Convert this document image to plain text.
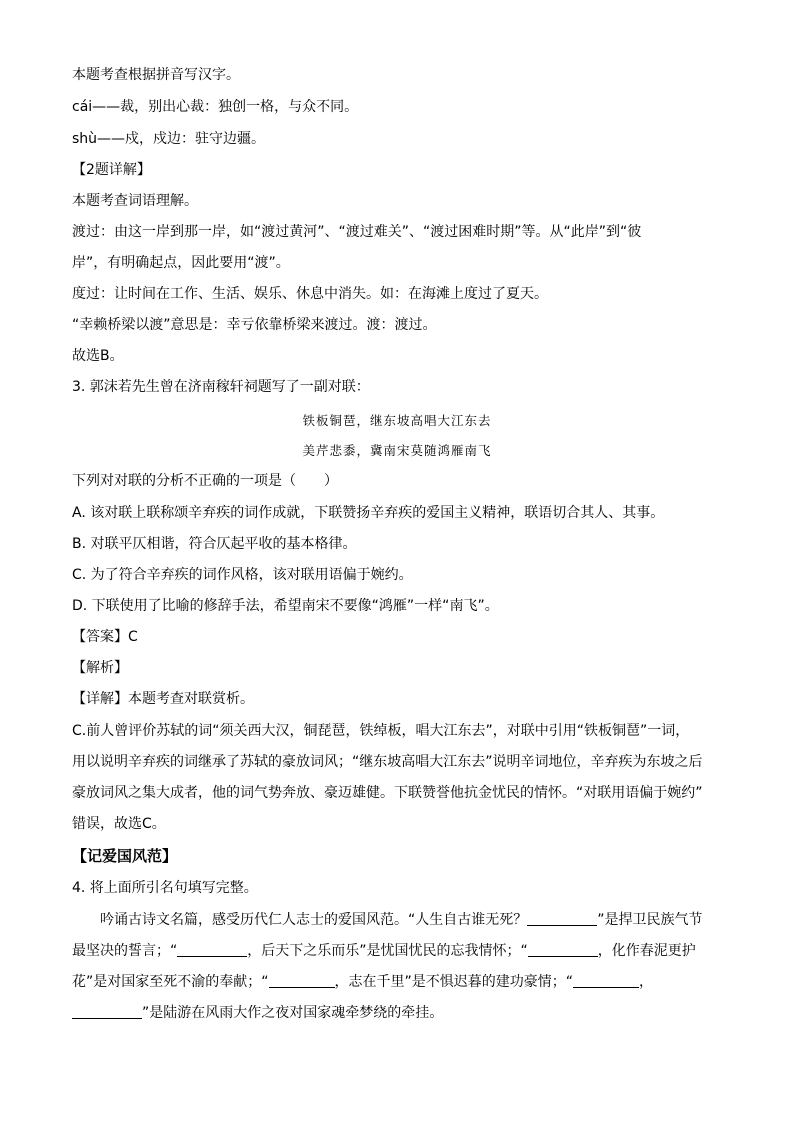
本题考查根据拼音写汉字。
cái——裁，别出心裁：独创一格，与众不同。
shù——戍，戍边：驻守边疆。
【2题详解】
本题考查词语理解。
渡过：由这一岸到那一岸，如“渡过黄河”、“渡过难关”、“渡过困难时期”等。从“此岸”到“彼
岸”，有明确起点，因此要用“渡”。
度过：让时间在工作、生活、娱乐、休息中消失。如：在海滩上度过了夏天。
“幸赖桥梁以渡”意思是：幸亏依靠桥梁来渡过。渡：渡过。
故选B。
3. 郭沫若先生曾在济南稼轩祠题写了一副对联：
铁板铜琶，继东坡高唱大江东去
美芹悲黍，冀南宋莫随鸿雁南飞
下列对对联的分析不正确的一项是（　　）
A. 该对联上联称颂辛弃疾的词作成就，下联赞扬辛弃疾的爱国主义精神，联语切合其人、其事。
B. 对联平仄相谐，符合仄起平收的基本格律。
C. 为了符合辛弃疾的词作风格，该对联用语偏于婉约。
D. 下联使用了比喻的修辞手法，希望南宋不要像“鸿雁”一样“南飞”。
【答案】C
【解析】
【详解】本题考查对联赏析。
C.前人曾评价苏轼的词“须关西大汉，铜琵琶，铁绰板，唱大江东去”，对联中引用“铁板铜琶”一词，
用以说明辛弃疾的词继承了苏轼的豪放词风；“继东坡高唱大江东去”说明辛词地位，辛弃疾为东坡之后
豪放词风之集大成者，他的词气势奔放、豪迈雄健。下联赞誉他抗金忧民的情怀。“对联用语偏于婉约”
错误，故选C。
【记爱国风范】
4. 将上面所引名句填写完整。
吟诵古诗文名篇，感受历代仁人志士的爱国风范。“人生自古谁无死？	”是捍卫民族气节
最坚决的誓言；“	，后天下之乐而乐”是忧国忧民的忘我情怀；“	，化作春泥更护
花”是对国家至死不渝的奉献；“	，志在千里”是不惧迟暮的建功豪情；“	，
”是陆游在风雨大作之夜对国家魂牵梦绕的牵挂。
